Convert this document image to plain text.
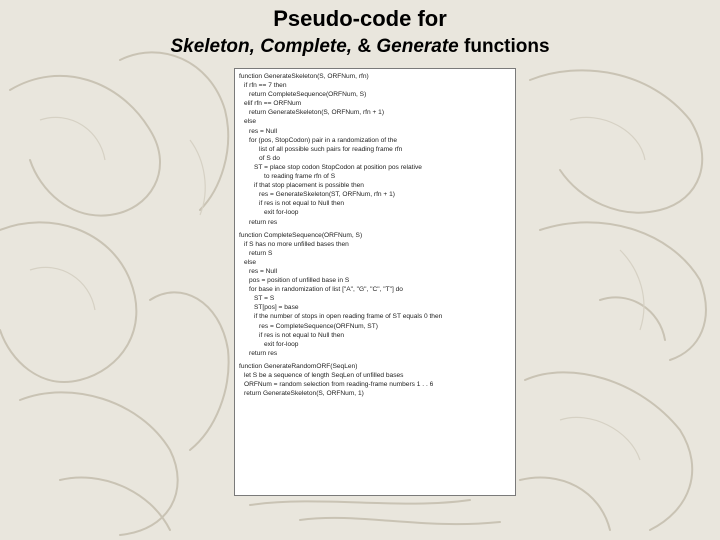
Pseudo-code for
Skeleton, Complete, & Generate functions
function GenerateSkeleton(S, ORFNum, rfn)
if rfn == 7 then
return CompleteSequence(ORFNum, S)
elif rfn == ORFNum
return GenerateSkeleton(S, ORFNum, rfn + 1)
else
res = Null
for (pos, StopCodon) pair in a randomization of the
list of all possible such pairs for reading frame rfn
of S do
ST = place stop codon StopCodon at position pos relative
to reading frame rfn of S
if that stop placement is possible then
res = GenerateSkeleton(ST, ORFNum, rfn + 1)
if res is not equal to Null then
exit for-loop
return res
function CompleteSequence(ORFNum, S)
if S has no more unfilled bases then
return S
else
res = Null
pos = position of unfilled base in S
for base in randomization of list ["A", "G", "C", "T"] do
ST = S
ST[pos] = base
if the number of stops in open reading frame of ST equals 0 then
res = CompleteSequence(ORFNum, ST)
if res is not equal to Null then
exit for-loop
return res
function GenerateRandomORF(SeqLen)
let S be a sequence of length SeqLen of unfilled bases
ORFNum = random selection from reading-frame numbers 1 . . 6
return GenerateSkeleton(S, ORFNum, 1)
